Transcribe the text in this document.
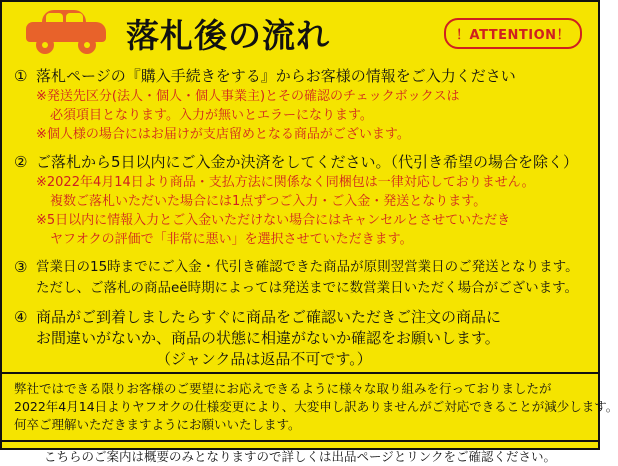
落札後の流れ	！ATTENTION！
① 落札ページの『購入手続きをする』からお客様の情報をご入力ください
※発送先区分(法人・個人・個人事業主)とその確認のチェックボックスは
必須項目となります。入力が無いとエラーになります。
※個人様の場合にはお届けが支店留めとなる商品がございます。
② ご落札から5日以内にご入金か決済をしてください。（代引き希望の場合を除く）
※2022年4月14日より商品・支払方法に関係なく同梱包は一律対応しておりません。
複数ご落札いただいた場合には1点ずつご入力・ご入金・発送となります。
※5日以内に情報入力とご入金いただけない場合にはキャンセルとさせていただき
ヤフオクの評価で「非常に悪い」を選択させていただきます。
③ 営業日の15時までにご入金・代引き確認できた商品が原則翌営業日のご発送となります。
ただし、ご落札の商品её時期によっては発送までに数営業日いただく場合がございます。
④ 商品がご到着しましたらすぐに商品をご確認いただきご注文の商品に
お間違いがないか、商品の状態に相違がないか確認をお願いします。
（ジャンク品は返品不可です。）
弊社ではできる限りお客様のご要望にお応えできるように様々な取り組みを行っておりましたが
2022年4月14日よりヤフオクの仕様変更により、大変申し訳ありませんがご対応できることが減少します。
何卒ご理解いただきますようにお願いいたします。
こちらのご案内は概要のみとなりますので詳しくは出品ページとリンクをご確認ください。
